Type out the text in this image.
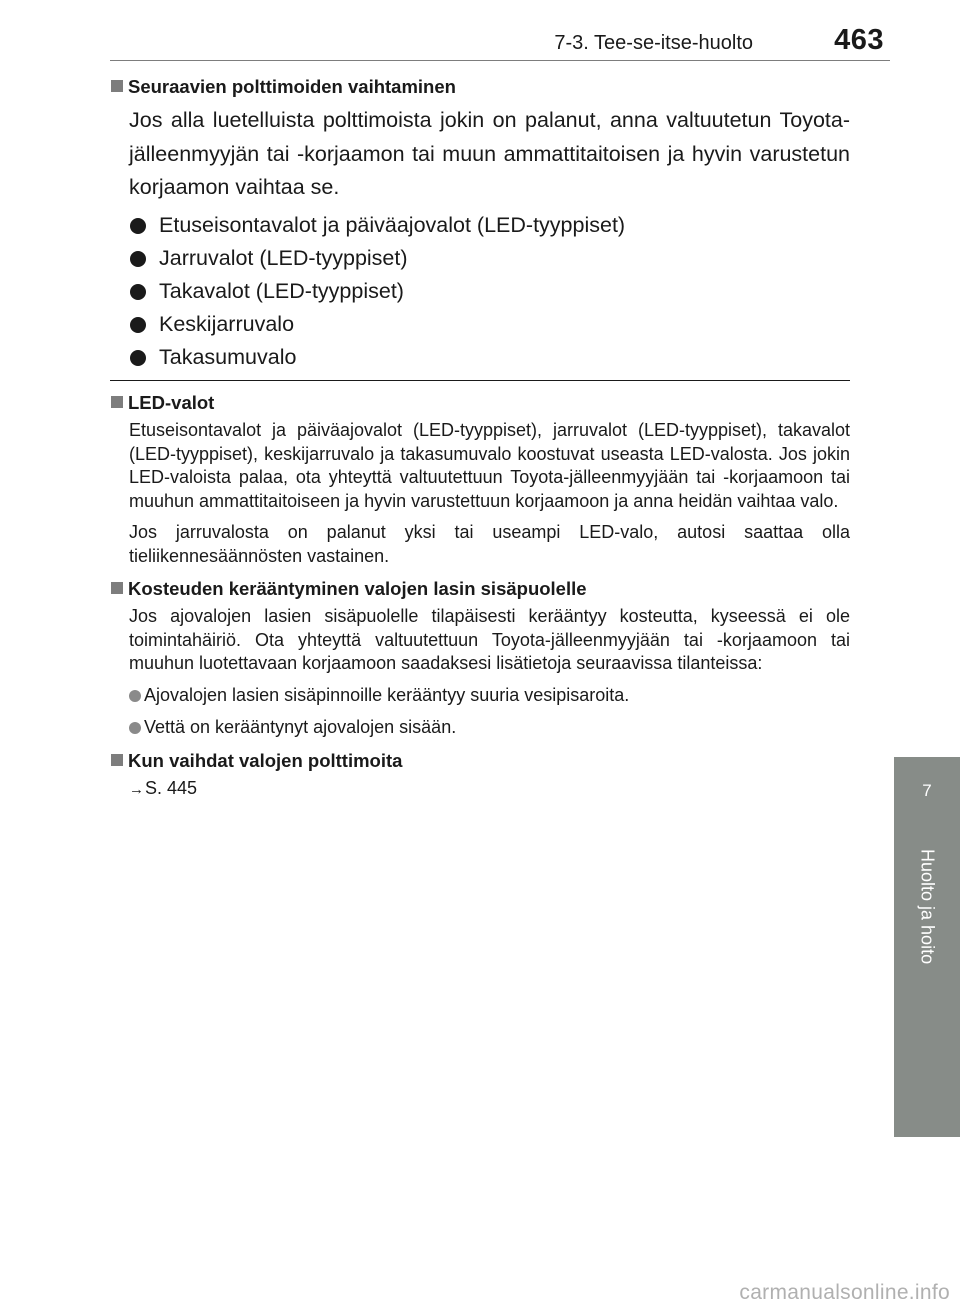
7-3. Tee-se-itse-huolto	463
7
Huolto ja hoito
Seuraavien polttimoiden vaihtaminen

Jos alla luetelluista polttimoista jokin on palanut, anna valtuutetun Toyota-jälleenmyyjän tai -korjaamon tai muun ammattitaitoisen ja hyvin varustetun korjaamon vaihtaa se.

Etuseisontavalot ja päiväajovalot (LED-tyyppiset)
Jarruvalot (LED-tyyppiset)
Takavalot (LED-tyyppiset)
Keskijarruvalo
Takasumuvalo
LED-valot

Etuseisontavalot ja päiväajovalot (LED-tyyppiset), jarruvalot (LED-tyyppiset), takavalot (LED-tyyppiset), keskijarruvalo ja takasumuvalo koostuvat useasta LED-valosta. Jos jokin LED-valoista palaa, ota yhteyttä valtuutettuun Toyota-jälleenmyyjään tai -korjaamoon tai muuhun ammattitaitoiseen ja hyvin varustettuun korjaamoon ja anna heidän vaihtaa valo.

Jos jarruvalosta on palanut yksi tai useampi LED-valo, autosi saattaa olla tieliikennesäännösten vastainen.

Kosteuden kerääntyminen valojen lasin sisäpuolelle

Jos ajovalojen lasien sisäpuolelle tilapäisesti kerääntyy kosteutta, kyseessä ei ole toimintahäiriö. Ota yhteyttä valtuutettuun Toyota-jälleenmyyjään tai -korjaamoon tai muuhun luotettavaan korjaamoon saadaksesi lisätietoja seuraavissa tilanteissa:

Ajovalojen lasien sisäpinnoille kerääntyy suuria vesipisaroita.
Vettä on kerääntynyt ajovalojen sisään.
Kun vaihdat valojen polttimoita

→S. 445

carmanualsonline.info
